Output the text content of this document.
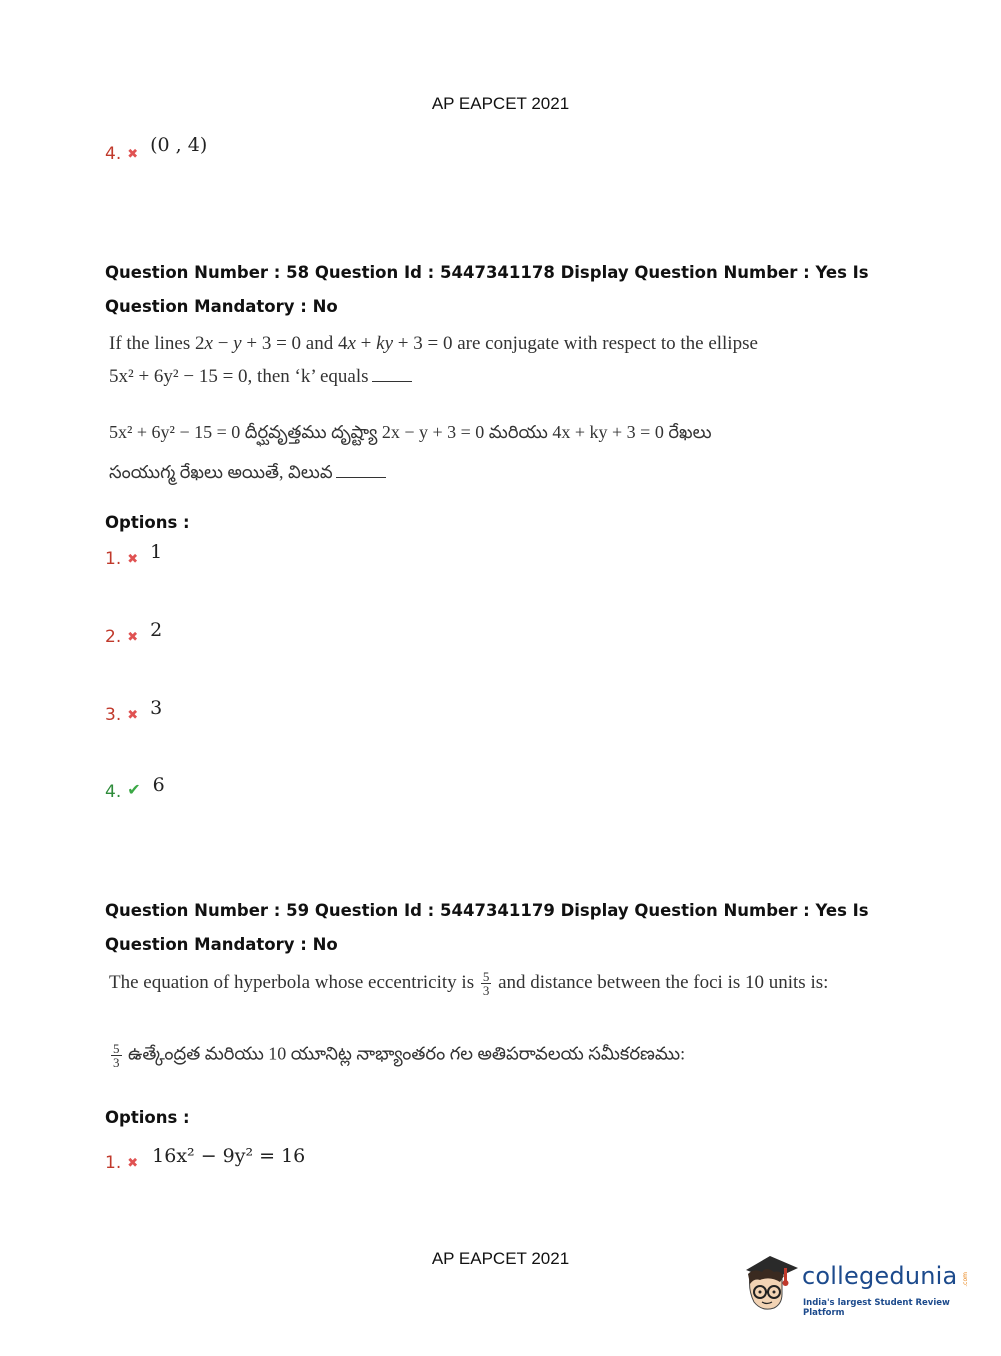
AP EAPCET 2021
4. ✖ (0 , 4)
Question Number : 58 Question Id : 5447341178 Display Question Number : Yes Is Question Mandatory : No
If the lines 2x − y + 3 = 0 and 4x + ky + 3 = 0 are conjugate with respect to the ellipse
5x² + 6y² − 15 = 0, then ‘k’ equals
5x² + 6y² − 15 = 0 దీర్ఘవృత్తము దృష్ట్యా 2x − y + 3 = 0 మరియు 4x + ky + 3 = 0 రేఖలు
సంయుగ్మ రేఖలు అయితే, విలువ
Options :
1. ✖ 1
2. ✖ 2
3. ✖ 3
4. ✔ 6
Question Number : 59 Question Id : 5447341179 Display Question Number : Yes Is Question Mandatory : No
The equation of hyperbola whose eccentricity is $\frac{5}{3}$ and distance between the foci is 10 units is:
$\frac{5}{3}$ ఉత్కేంద్రత మరియు 10 యూనిట్ల నాభ్యాంతరం గల అతిపరావలయ సమీకరణము:
Options :
1. ✖ 16x² − 9y² = 16
AP EAPCET 2021
collegedunia .com
India's largest Student Review Platform
